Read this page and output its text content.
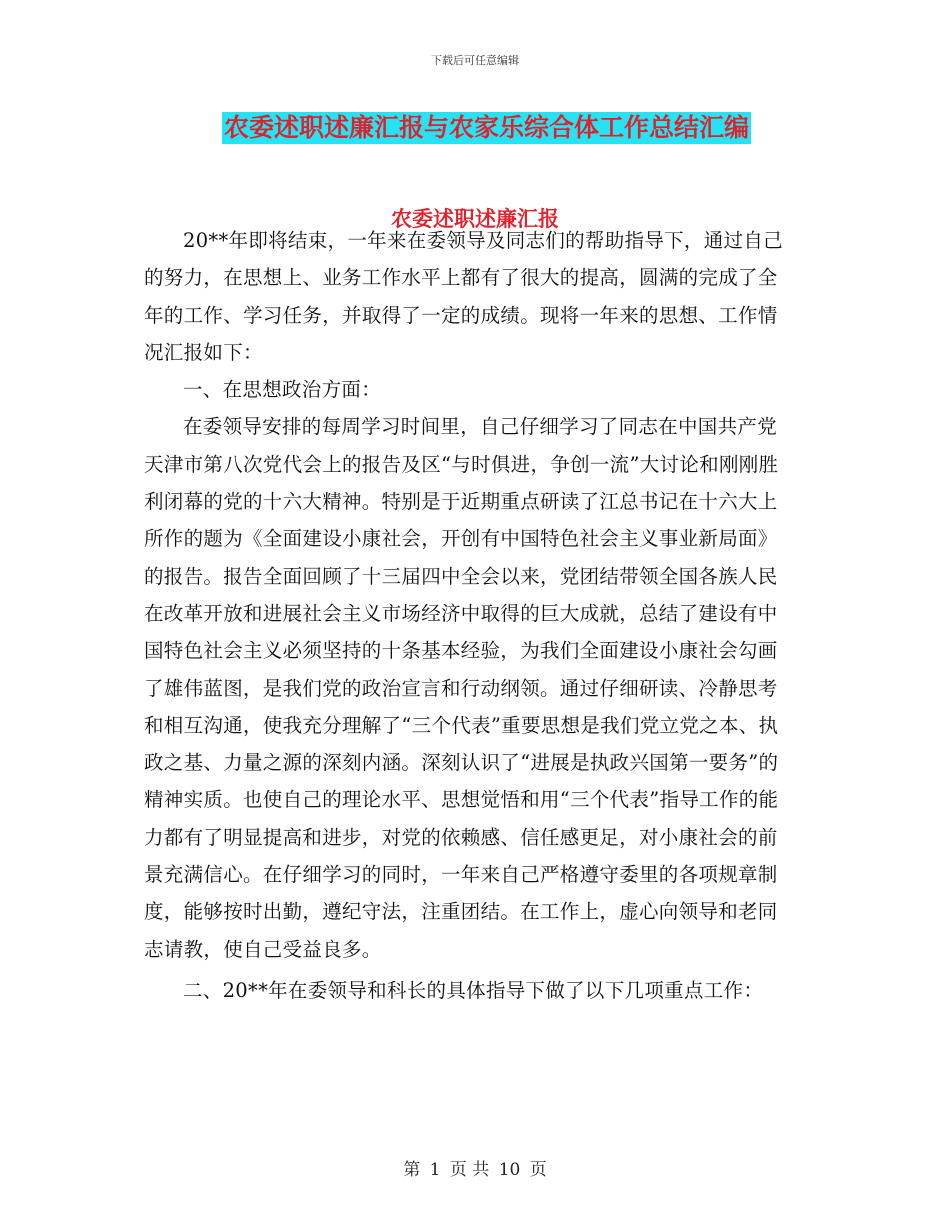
下载后可任意编辑
农委述职述廉汇报与农家乐综合体工作总结汇编
农委述职述廉汇报

20**年即将结束，一年来在委领导及同志们的帮助指导下，通过自己的努力，在思想上、业务工作水平上都有了很大的提高，圆满的完成了全年的工作、学习任务，并取得了一定的成绩。现将一年来的思想、工作情况汇报如下：

一、在思想政治方面：

在委领导安排的每周学习时间里，自己仔细学习了同志在中国共产党天津市第八次党代会上的报告及区“与时俱进，争创一流”大讨论和刚刚胜利闭幕的党的十六大精神。特别是于近期重点研读了江总书记在十六大上所作的题为《全面建设小康社会，开创有中国特色社会主义事业新局面》的报告。报告全面回顾了十三届四中全会以来，党团结带领全国各族人民在改革开放和进展社会主义市场经济中取得的巨大成就，总结了建设有中国特色社会主义必须坚持的十条基本经验，为我们全面建设小康社会勾画了雄伟蓝图，是我们党的政治宣言和行动纲领。通过仔细研读、冷静思考和相互沟通，使我充分理解了“三个代表”重要思想是我们党立党之本、执政之基、力量之源的深刻内涵。深刻认识了“进展是执政兴国第一要务”的精神实质。也使自己的理论水平、思想觉悟和用“三个代表”指导工作的能力都有了明显提高和进步，对党的依赖感、信任感更足，对小康社会的前景充满信心。在仔细学习的同时，一年来自己严格遵守委里的各项规章制度，能够按时出勤，遵纪守法，注重团结。在工作上，虚心向领导和老同志请教，使自己受益良多。

二、20**年在委领导和科长的具体指导下做了以下几项重点工作：

第 1 页 共 10 页
